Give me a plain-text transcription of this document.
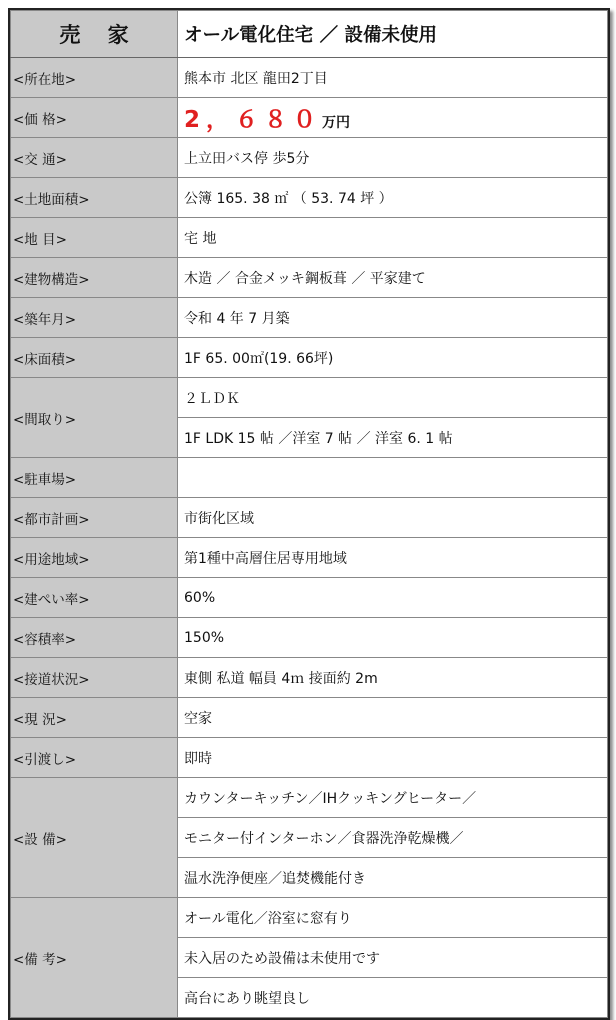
売 家	オール電化住宅 ／ 設備未使用
<所在地>	熊本市 北区 龍田2丁目
<価 格>	2，６８０万円
<交 通>	上立田バス停 歩5分
<土地面積>	公簿 165. 38 ㎡ （ 53. 74 坪 ）
<地 目>	宅 地
<建物構造>	木造 ／ 合金メッキ鋼板葺 ／ 平家建て
<築年月>	令和 4 年 7 月築
<床面積>	1F 65. 00㎡(19. 66坪)
<間取り>	２ＬＤＫ
	1F LDK 15 帖 ／洋室 7 帖 ／ 洋室 6. 1 帖
<駐車場>	
<都市計画>	市街化区域
<用途地域>	第1種中高層住居専用地域
<建ぺい率>	60%
<容積率>	150%
<接道状況>	東側 私道 幅員 4ｍ 接面約 2m
<現 況>	空家
<引渡し>	即時
<設 備>	カウンターキッチン／IHクッキングヒーター／
	モニター付インターホン／食器洗浄乾燥機／
	温水洗浄便座／追焚機能付き
<備 考>	オール電化／浴室に窓有り
	未入居のため設備は未使用です
	高台にあり眺望良し
